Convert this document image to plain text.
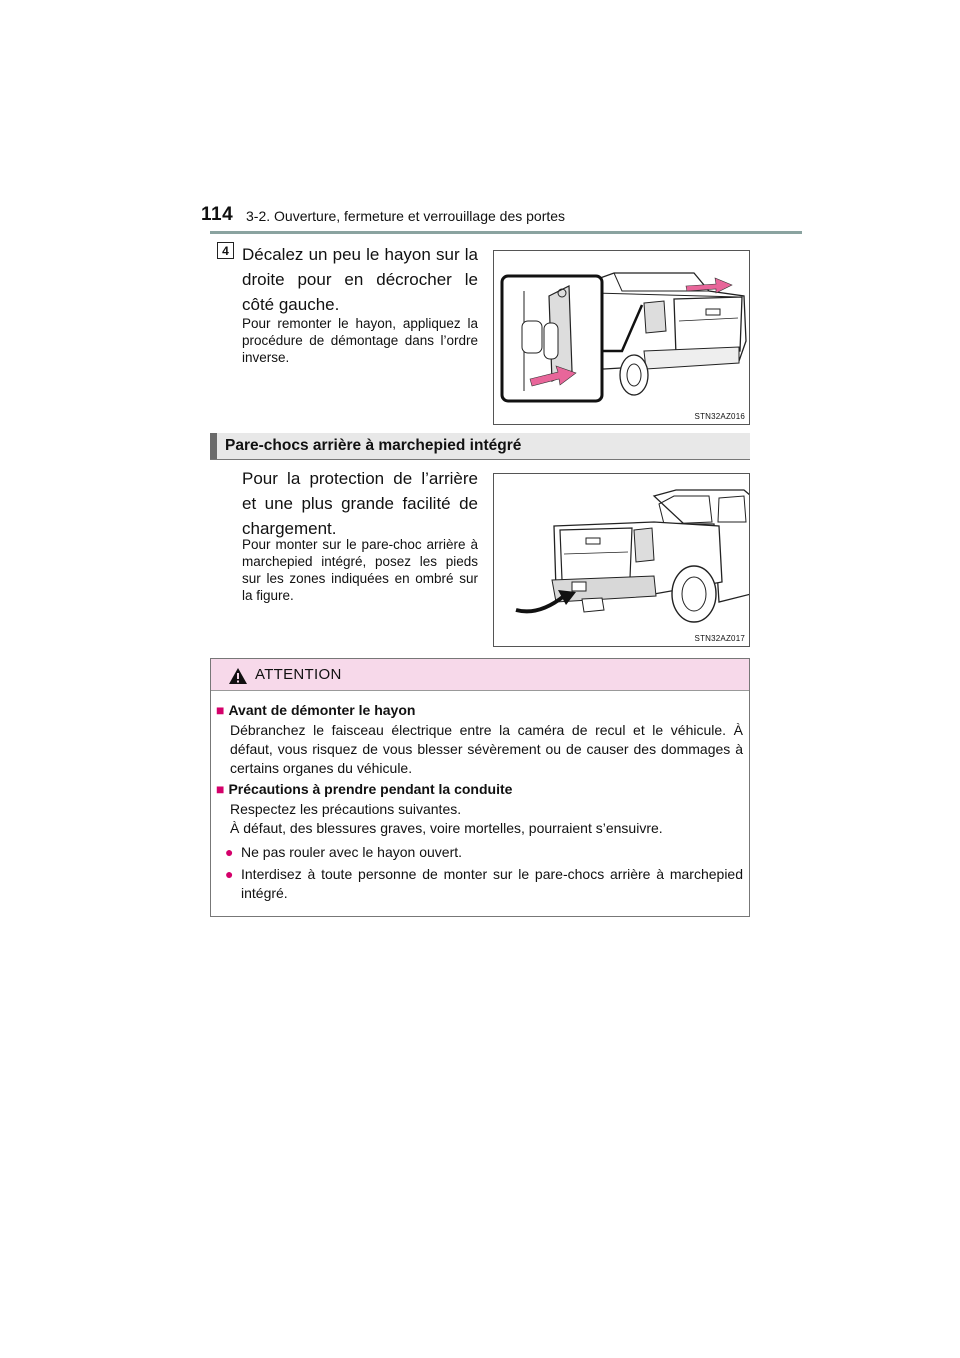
114 3-2. Ouverture, fermeture et verrouillage des portes
4 Décalez un peu le hayon sur la droite pour en décrocher le côté gauche.
Pour remonter le hayon, appliquez la procédure de démontage dans l’ordre inverse.
STN32AZ016
Pare-chocs arrière à marchepied intégré
Pour la protection de l’arrière et une plus grande facilité de chargement.
Pour monter sur le pare-choc arrière à marchepied intégré, posez les pieds sur les zones indiquées en ombré sur la figure.
STN32AZ017
ATTENTION
■ Avant de démonter le hayon
Débranchez le faisceau électrique entre la caméra de recul et le véhicule. À défaut, vous risquez de vous blesser sévèrement ou de causer des dommages à certains organes du véhicule.
■ Précautions à prendre pendant la conduite
Respectez les précautions suivantes.
À défaut, des blessures graves, voire mortelles, pourraient s’ensuivre.
● Ne pas rouler avec le hayon ouvert.
● Interdisez à toute personne de monter sur le pare-chocs arrière à marchepied intégré.
